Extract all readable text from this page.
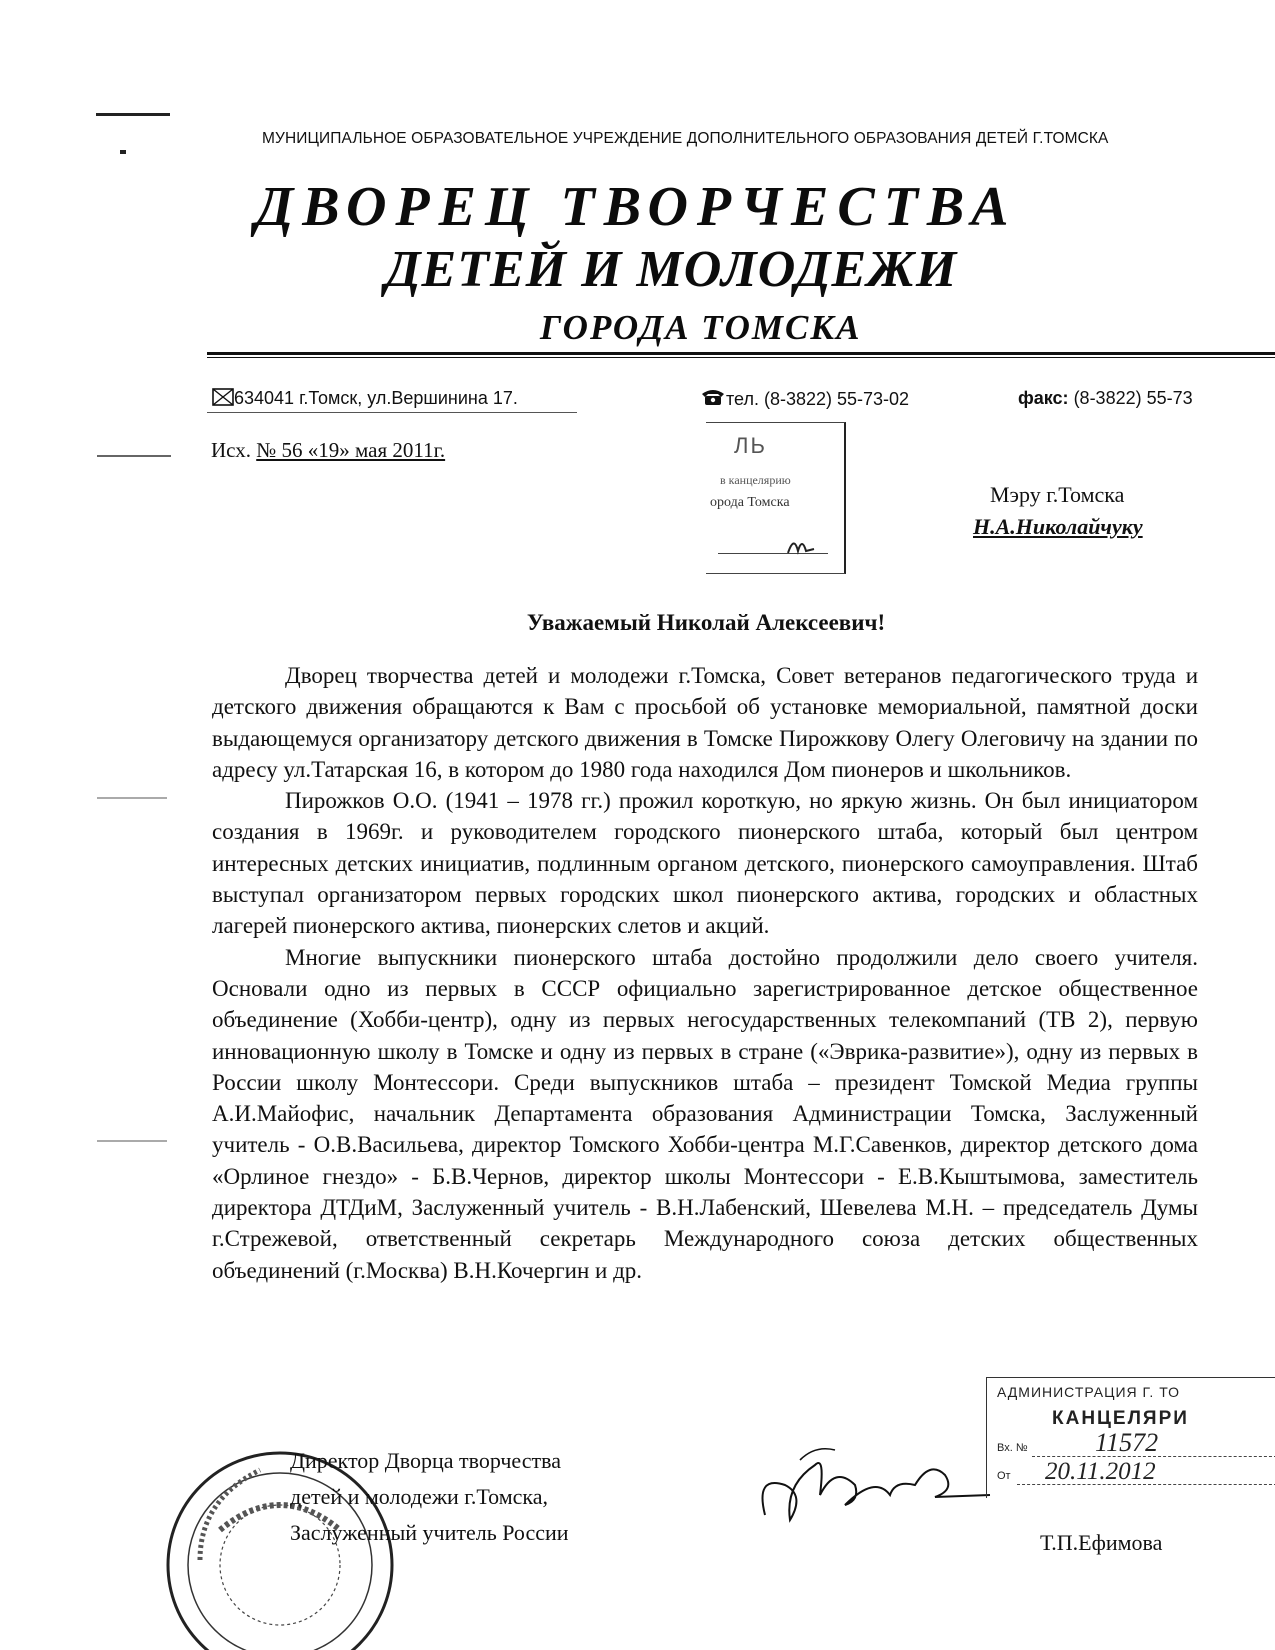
МУНИЦИПАЛЬНОЕ ОБРАЗОВАТЕЛЬНОЕ УЧРЕЖДЕНИЕ ДОПОЛНИТЕЛЬНОГО ОБРАЗОВАНИЯ ДЕТЕЙ Г.ТОМСКА
ДВОРЕЦ ТВОРЧЕСТВА
ДЕТЕЙ И МОЛОДЕЖИ
ГОРОДА ТОМСКА
634041 г.Томск, ул.Вершинина 17.	тел. (8-3822) 55-73-02	факс: (8-3822) 55-73
Исх. № 56 «19» мая 2011г.	ЛЬ
в канцелярию
орода Томска	Мэру г.Томска
Н.А.Николайчуку
Уважаемый Николай Алексеевич!

Дворец творчества детей и молодежи г.Томска, Совет ветеранов педагогического труда и детского движения обращаются к Вам с просьбой об установке мемориальной, памятной доски выдающемуся организатору детского движения в Томске Пирожкову Олегу Олеговичу на здании по адресу ул.Татарская 16, в котором до 1980 года находился Дом пионеров и школьников.

Пирожков О.О. (1941 – 1978 гг.) прожил короткую, но яркую жизнь. Он был инициатором создания в 1969г. и руководителем городского пионерского штаба, который был центром интересных детских инициатив, подлинным органом детского, пионерского самоуправления. Штаб выступал организатором первых городских школ пионерского актива, городских и областных лагерей пионерского актива, пионерских слетов и акций.

Многие выпускники пионерского штаба достойно продолжили дело своего учителя. Основали одно из первых в СССР официально зарегистрированное детское общественное объединение (Хобби-центр), одну из первых негосударственных телекомпаний (ТВ 2), первую инновационную школу в Томске и одну из первых в стране («Эврика-развитие»), одну из первых в России школу Монтессори. Среди выпускников штаба – президент Томской Медиа группы А.И.Майофис, начальник Департамента образования Администрации Томска, Заслуженный учитель - О.В.Васильева, директор Томского Хобби-центра М.Г.Савенков, директор детского дома «Орлиное гнездо» - Б.В.Чернов, директор школы Монтессори - Е.В.Кыштымова, заместитель директора ДТДиМ, Заслуженный учитель - В.Н.Лабенский, Шевелева М.Н. – председатель Думы г.Стрежевой, ответственный секретарь Международного союза детских общественных объединений (г.Москва) В.Н.Кочергин и др.

Директор Дворца творчества
детей и молодежи г.Томска,
Заслуженный учитель России	Т.П.Ефимова
АДМИНИСТРАЦИЯ Г. ТО
КАНЦЕЛЯРИ
Вх. №	11572
От 20.11.2012
